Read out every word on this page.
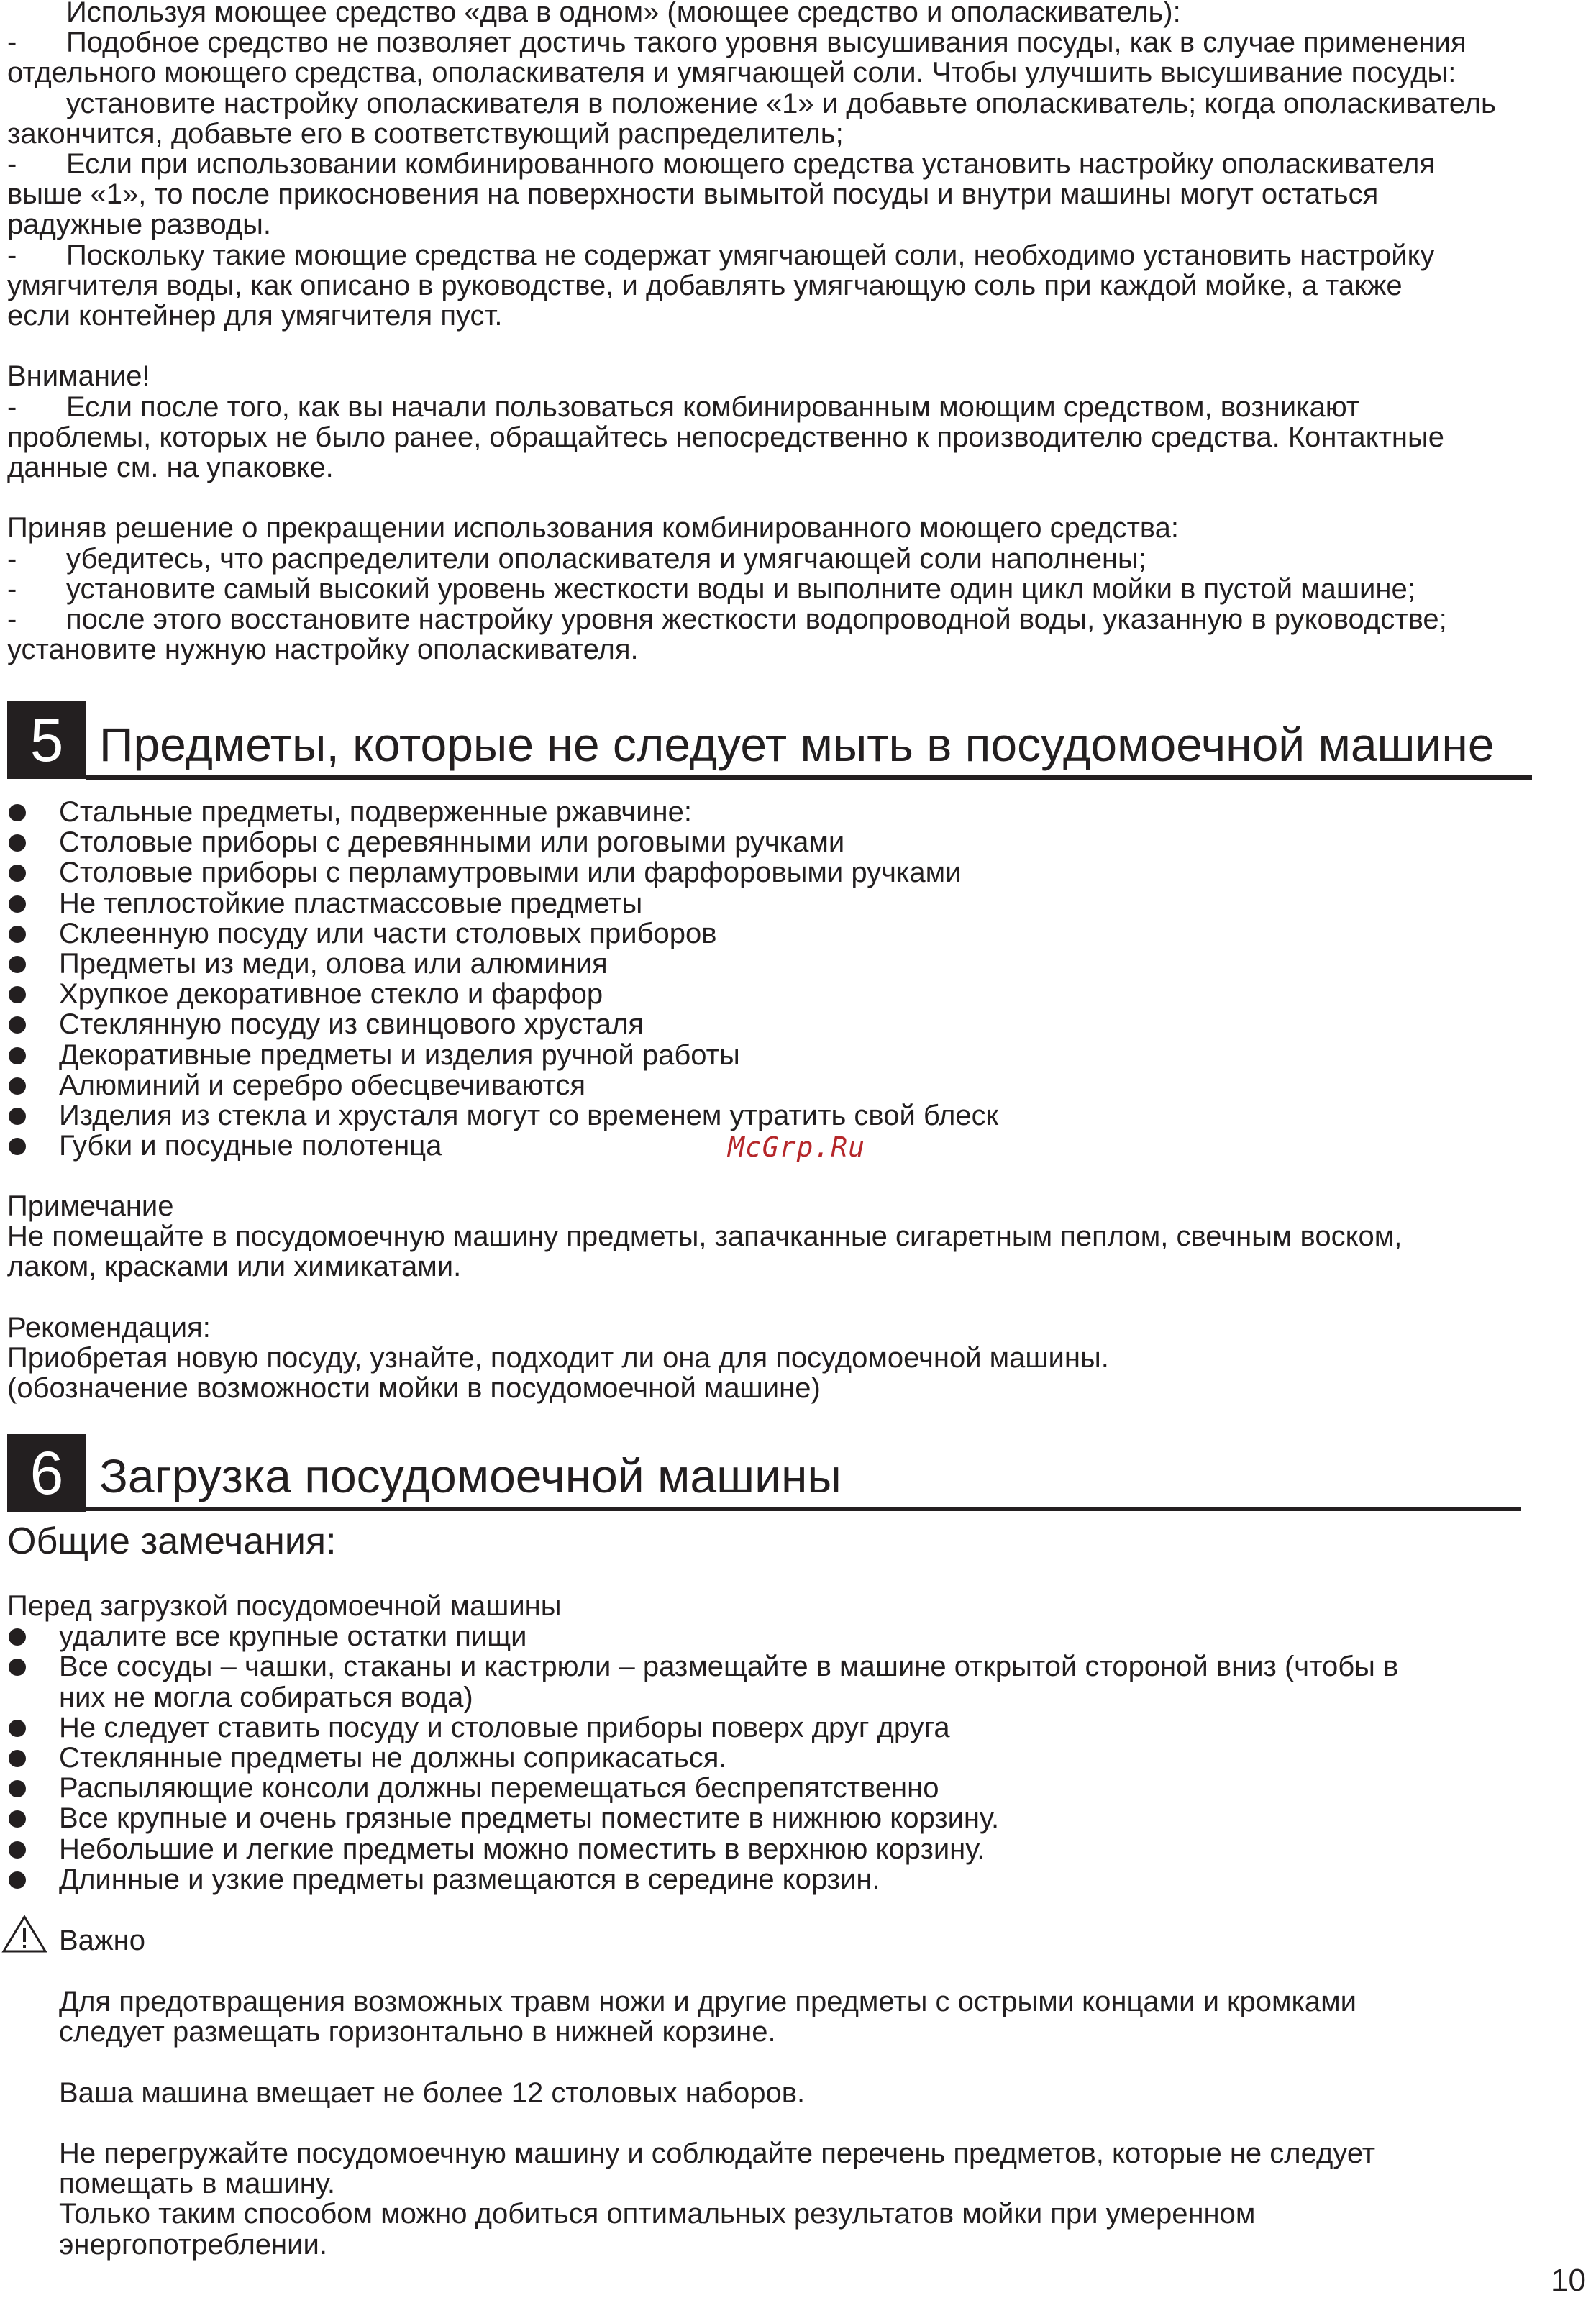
Используя моющее средство «два в одном» (моющее средство и ополаскиватель):
- Подобное средство не позволяет достичь такого уровня высушивания посуды, как в случае применения
отдельного моющего средства, ополаскивателя и умягчающей соли. Чтобы улучшить высушивание посуды:
установите настройку ополаскивателя в положение «1» и добавьте ополаскиватель; когда ополаскиватель
закончится, добавьте его в соответствующий распределитель;
- Если при использовании комбинированного моющего средства установить настройку ополаскивателя
выше «1», то после прикосновения на поверхности вымытой посуды и внутри машины могут остаться
радужные разводы.
- Поскольку такие моющие средства не содержат умягчающей соли, необходимо установить настройку
умягчителя воды, как описано в руководстве, и добавлять умягчающую соль при каждой мойке, а также
если контейнер для умягчителя пуст.
Внимание!
- Если после того, как вы начали пользоваться комбинированным моющим средством, возникают
проблемы, которых не было ранее, обращайтесь непосредственно к производителю средства. Контактные
данные см. на упаковке.
Приняв решение о прекращении использования комбинированного моющего средства:
- убедитесь, что распределители ополаскивателя и умягчающей соли наполнены;
- установите самый высокий уровень жесткости воды и выполните один цикл мойки в пустой машине;
- после этого восстановите настройку уровня жесткости водопроводной воды, указанную в руководстве;
установите нужную настройку ополаскивателя.
Стальные предметы, подверженные ржавчине:
Столовые приборы с деревянными или роговыми ручками
Столовые приборы с перламутровыми или фарфоровыми ручками
Не теплостойкие пластмассовые предметы
Склеенную посуду или части столовых приборов
Предметы из меди, олова или алюминия
Хрупкое декоративное стекло и фарфор
Стеклянную посуду из свинцового хрусталя
Декоративные предметы и изделия ручной работы
Алюминий и серебро обесцвечиваются
Изделия из стекла и хрусталя могут со временем утратить свой блеск
Губки и посудные полотенца
Примечание
Не помещайте в посудомоечную машину предметы, запачканные сигаретным пеплом, свечным воском,
лаком, красками или химикатами.
Рекомендация:
Приобретая новую посуду, узнайте, подходит ли она для посудомоечной машины.
(обозначение возможности мойки в посудомоечной машине)
Перед загрузкой посудомоечной машины
удалите все крупные остатки пищи
Все сосуды – чашки, стаканы и кастрюли – размещайте в машине открытой стороной вниз (чтобы в
них не могла собираться вода)
Не следует ставить посуду и столовые приборы поверх друг друга
Стеклянные предметы не должны соприкасаться.
Распыляющие консоли должны перемещаться беспрепятственно
Все крупные и очень грязные предметы поместите в нижнюю корзину.
Небольшие и легкие предметы можно поместить в верхнюю корзину.
Длинные и узкие предметы размещаются в середине корзин.
Важно
Для предотвращения возможных травм ножи и другие предметы с острыми концами и кромками
следует размещать горизонтально в нижней корзине.
Ваша машина вмещает не более 12 столовых наборов.
Не перегружайте посудомоечную машину и соблюдайте перечень предметов, которые не следует
помещать в машину.
Только таким способом можно добиться оптимальных результатов мойки при умеренном
энергопотреблении.
5 Предметы, которые не следует мыть в посудомоечной машине
6 Загрузка посудомоечной машины
Общие замечания:
McGrp.Ru
10
